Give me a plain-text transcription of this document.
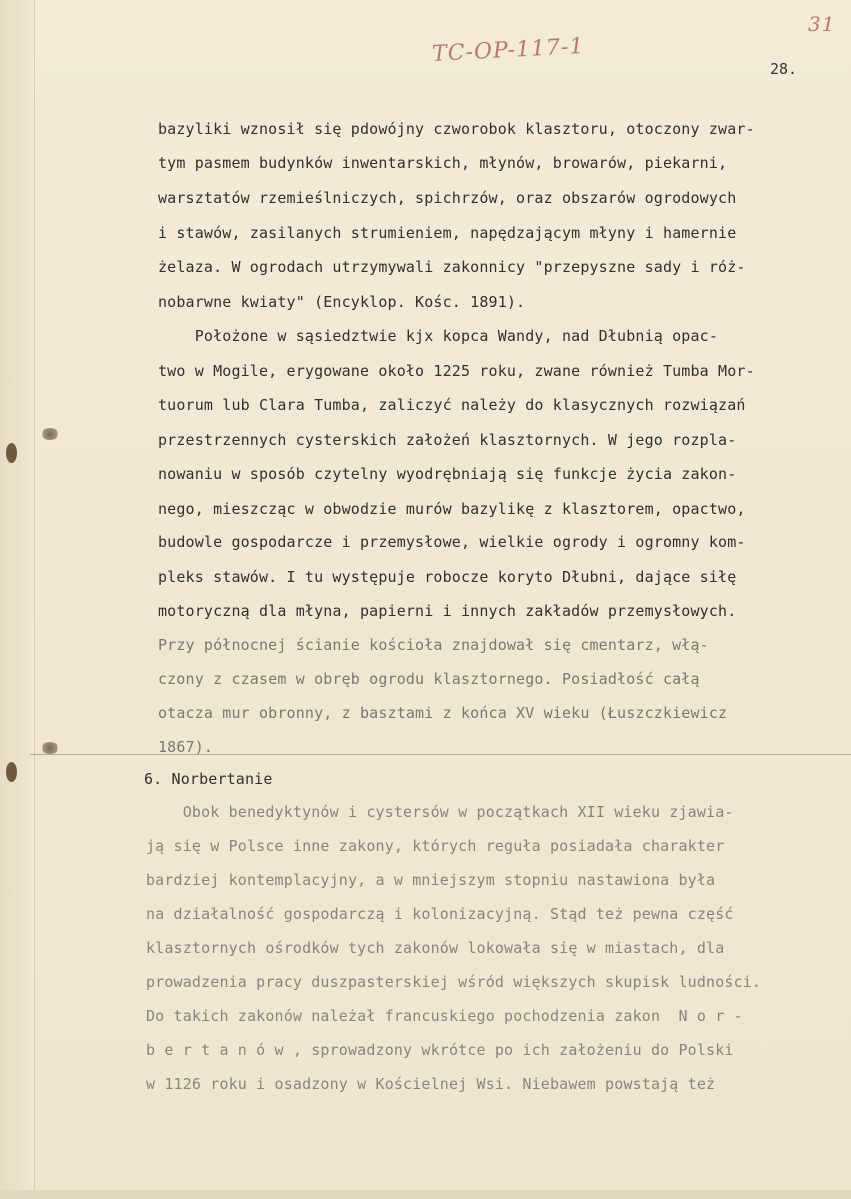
TC-OP-117-1
31
28.
bazyliki wznosił się pdowójny czworobok klasztoru, otoczony zwar-
tym pasmem budynków inwentarskich, młynów, browarów, piekarni,
warsztatów rzemieślniczych, spichrzów, oraz obszarów ogrodowych
i stawów, zasilanych strumieniem, napędzającym młyny i hamernie
żelaza. W ogrodach utrzymywali zakonnicy "przepyszne sady i róż-
nobarwne kwiaty" (Encyklop. Kośc. 1891).
Położone w sąsiedztwie kjx kopca Wandy, nad Dłubnią opac-
two w Mogile, erygowane około 1225 roku, zwane również Tumba Mor-
tuorum lub Clara Tumba, zaliczyć należy do klasycznych rozwiązań
przestrzennych cysterskich założeń klasztornych. W jego rozpla-
nowaniu w sposób czytelny wyodrębniają się funkcje życia zakon-
nego, mieszcząc w obwodzie murów bazylikę z klasztorem, opactwo,
budowle gospodarcze i przemysłowe, wielkie ogrody i ogromny kom-
pleks stawów. I tu występuje robocze koryto Dłubni, dające siłę
motoryczną dla młyna, papierni i innych zakładów przemysłowych.
Przy północnej ścianie kościoła znajdował się cmentarz, włą-
czony z czasem w obręb ogrodu klasztornego. Posiadłość całą
otacza mur obronny, z basztami z końca XV wieku (Łuszczkiewicz
1867).
6. Norbertanie
Obok benedyktynów i cystersów w początkach XII wieku zjawia-
ją się w Polsce inne zakony, których reguła posiadała charakter
bardziej kontemplacyjny, a w mniejszym stopniu nastawiona była
na działalność gospodarczą i kolonizacyjną. Stąd też pewna część
klasztornych ośrodków tych zakonów lokowała się w miastach, dla
prowadzenia pracy duszpasterskiej wśród większych skupisk ludności.
Do takich zakonów należał francuskiego pochodzenia zakon  N o r -
b e r t a n ó w , sprowadzony wkrótce po ich założeniu do Polski
w 1126 roku i osadzony w Kościelnej Wsi. Niebawem powstają też
